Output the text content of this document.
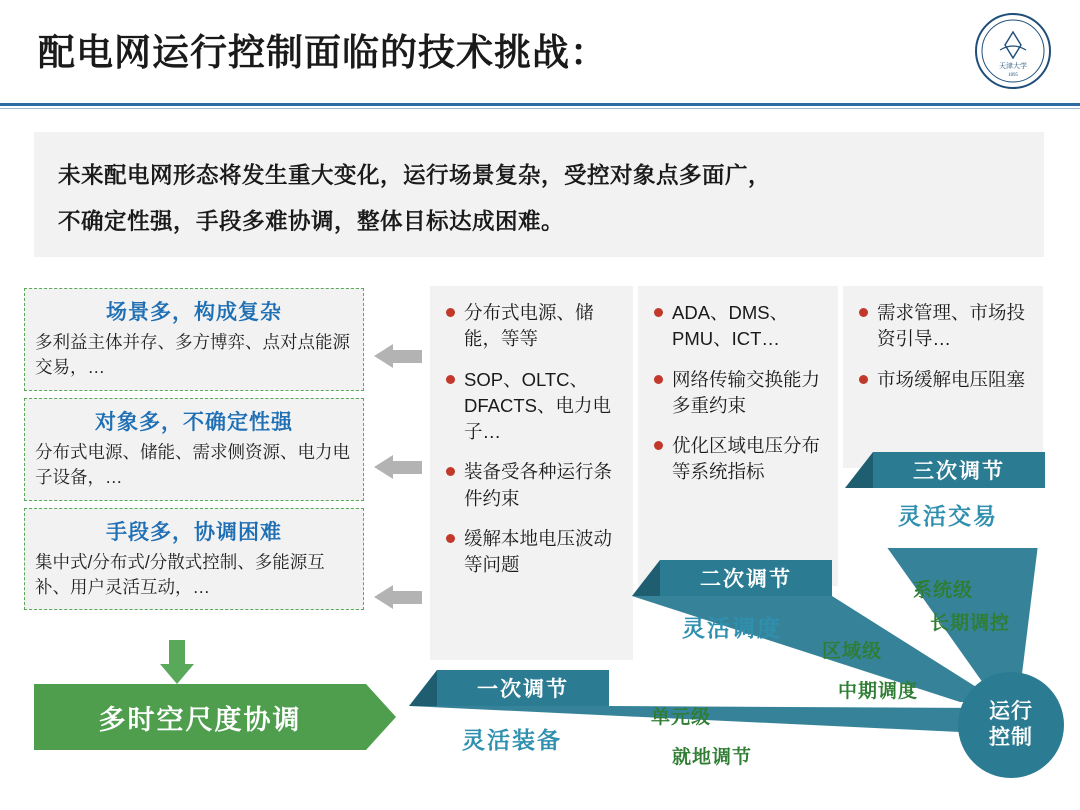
配电网运行控制面临的技术挑战：	天津大学
1895
未来配电网形态将发生重大变化，运行场景复杂，受控对象点多面广，
不确定性强，手段多难协调，整体目标达成困难。
场景多，构成复杂
多利益主体并存、多方博弈、点对点能源交易，…
对象多，不确定性强
分布式电源、储能、需求侧资源、电力电子设备，…
手段多，协调困难
集中式/分布式/分散式控制、多能源互补、用户灵活互动，…
多时空尺度协调
分布式电源、储能，等等
SOP、OLTC、DFACTS、电力电子…
装备受各种运行条件约束
缓解本地电压波动等问题
ADA、DMS、PMU、ICT…
网络传输交换能力多重约束
优化区域电压分布等系统指标
需求管理、市场投资引导…
市场缓解电压阻塞
三次调节
灵活交易
二次调节
灵活调度
一次调节
灵活装备
系统级
长期调控
区域级
中期调度
单元级
就地调节
运行
控制
